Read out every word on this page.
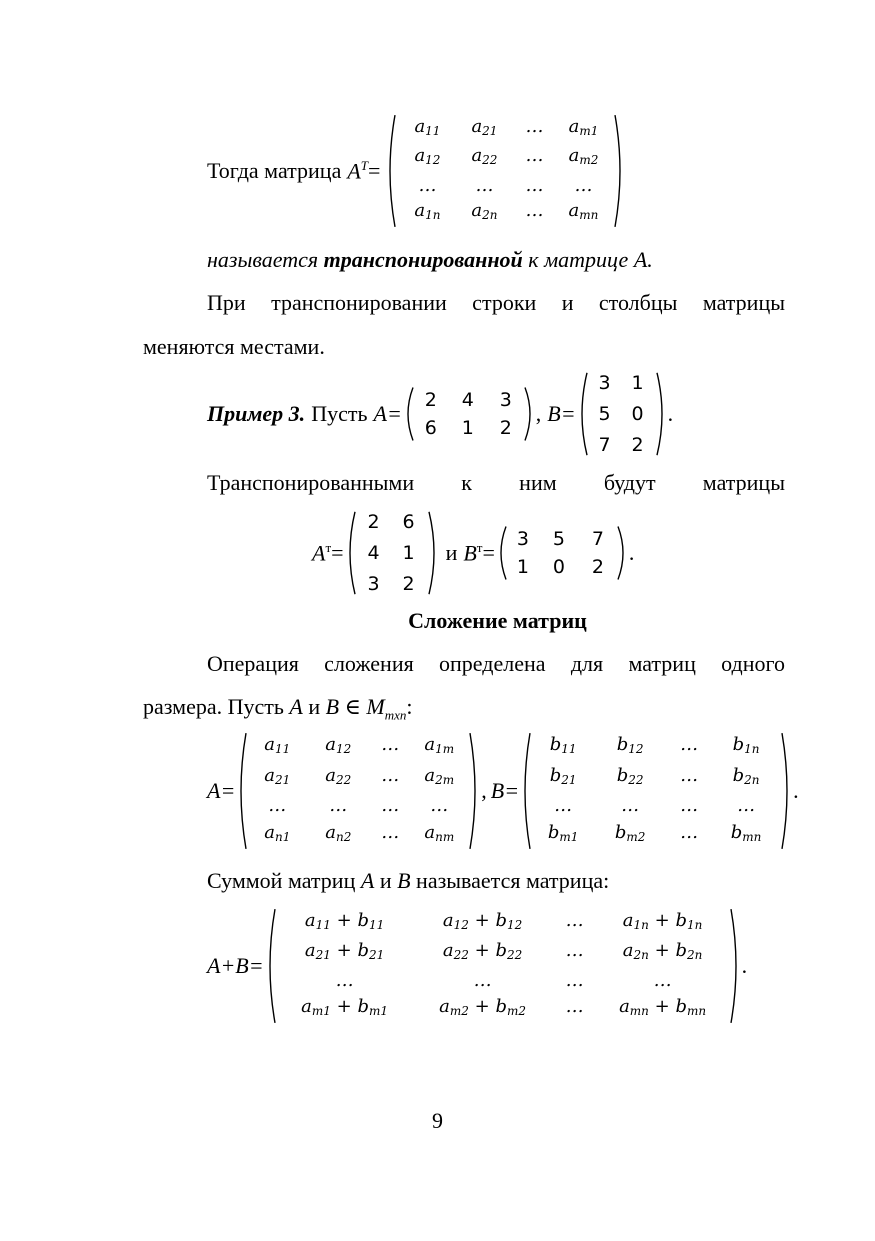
Тогда матрица $A^T$ =
$a_{11}$	$a_{21}$	…	$a_{m1}$
$a_{12}$	$a_{22}$	…	$a_{m2}$
…	…	…	…
$a_{1n}$	$a_{2n}$	…	$a_{mn}$
называется транспонированной к матрице A.
При транспонировании строки и столбцы матрицы
меняются местами.
Пример 3. Пусть A=
2	4	3
6	1	2
, B=
3	1
5	0
7	2
.
Транспонированными к ним будут матрицы
$A^т$ =
2	6
4	1
3	2
и $B^т$ =
3	5	7
1	0	2
.
Сложение матриц
Операция сложения определена для матриц одного
размера. Пусть A и B ∈ $M_{mxn}$:
A=
$a_{11}$	$a_{12}$	…	$a_{1m}$
$a_{21}$	$a_{22}$	…	$a_{2m}$
…	…	…	…
$a_{n1}$	$a_{n2}$	…	$a_{nm}$
, B=
$b_{11}$	$b_{12}$	…	$b_{1n}$
$b_{21}$	$b_{22}$	…	$b_{2n}$
…	…	…	…
$b_{m1}$	$b_{m2}$	…	$b_{mn}$
.
Суммой матриц A и B называется матрица:
A+B=
$a_{11} + b_{11}$	$a_{12} + b_{12}$	…	$a_{1n} + b_{1n}$
$a_{21} + b_{21}$	$a_{22} + b_{22}$	…	$a_{2n} + b_{2n}$
…	…	…	…
$a_{m1} + b_{m1}$	$a_{m2} + b_{m2}$	…	$a_{mn} + b_{mn}$
.
9
